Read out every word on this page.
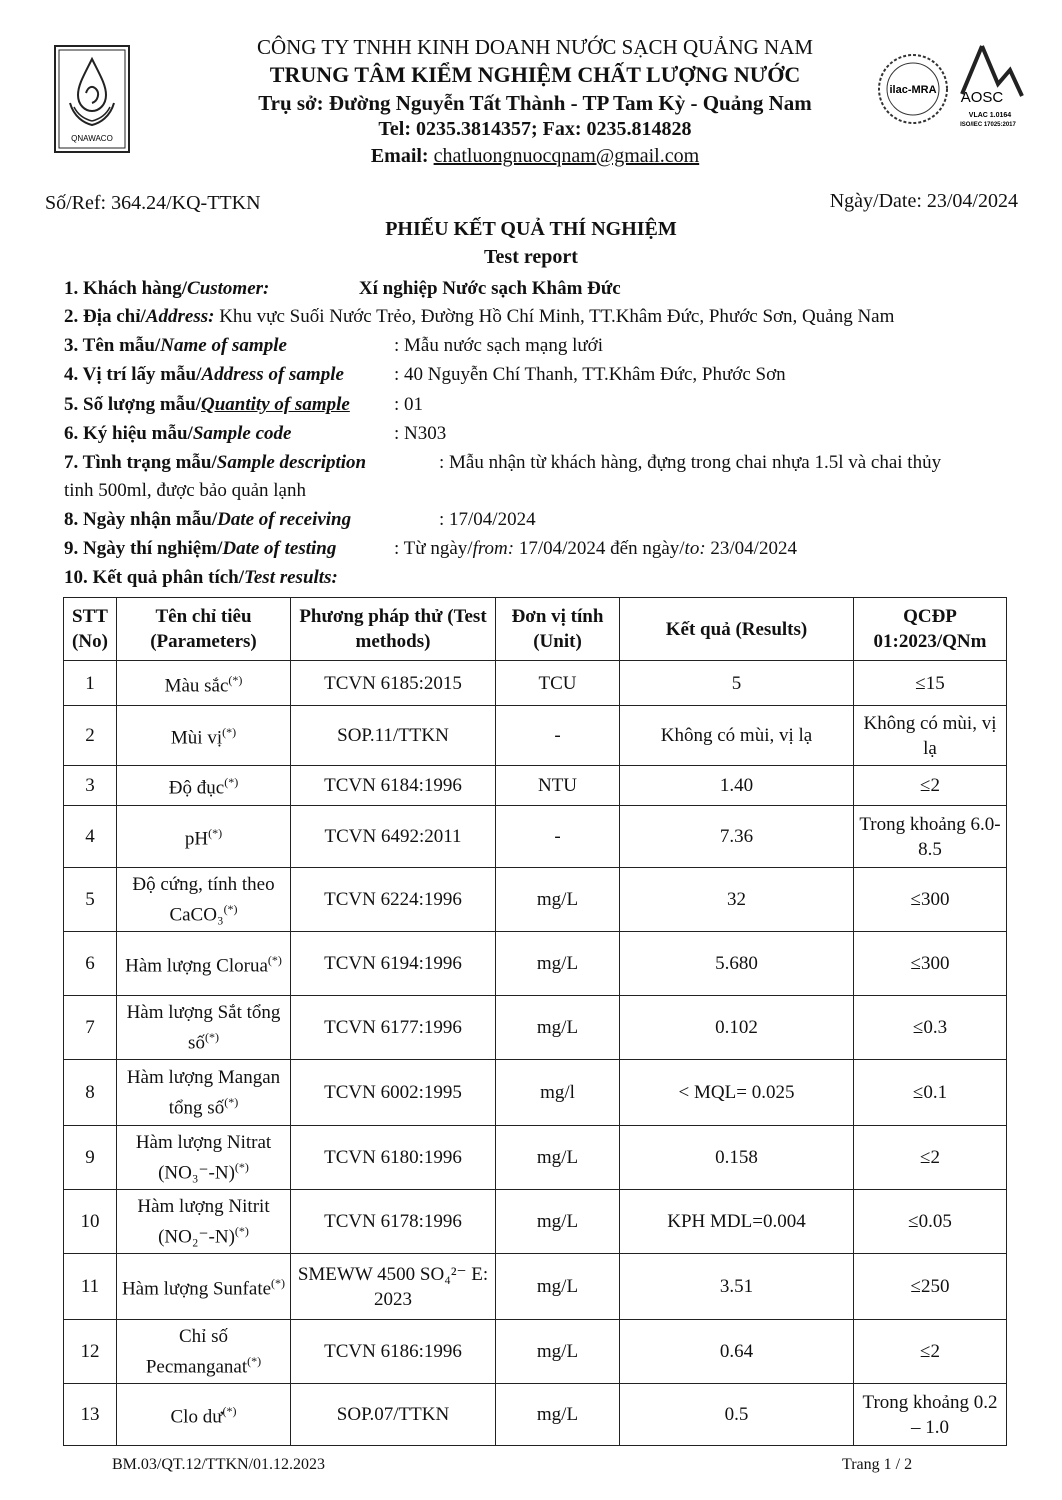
QNAWACO
CÔNG TY TNHH KINH DOANH NƯỚC SẠCH QUẢNG NAM
TRUNG TÂM KIỂM NGHIỆM CHẤT LƯỢNG NƯỚC
Trụ sở: Đường Nguyễn Tất Thành - TP Tam Kỳ - Quảng Nam
Tel: 0235.3814357; Fax: 0235.814828
Email: chatluongnuocqnam@gmail.com
ilac-MRA AOSC
VLAC 1.0164
ISO/IEC 17025:2017
Số/Ref: 364.24/KQ-TTKN	Ngày/Date: 23/04/2024
PHIẾU KẾT QUẢ THÍ NGHIỆM
Test report
1. Khách hàng/Customer:	Xí nghiệp Nước sạch Khâm Đức
2. Địa chỉ/Address: Khu vực Suối Nước Trẻo, Đường Hồ Chí Minh, TT.Khâm Đức, Phước Sơn, Quảng Nam
3. Tên mẫu/Name of sample	: Mẫu nước sạch mạng lưới
4. Vị trí lấy mẫu/Address of sample	: 40 Nguyễn Chí Thanh, TT.Khâm Đức, Phước Sơn
5. Số lượng mẫu/Quantity of sample : 01
6. Ký hiệu mẫu/Sample code	: N303
7. Tình trạng mẫu/Sample description	: Mẫu nhận từ khách hàng, đựng trong chai nhựa 1.5l và chai thủy
tinh 500ml, được bảo quản lạnh
8. Ngày nhận mẫu/Date of receiving	: 17/04/2024
9. Ngày thí nghiệm/Date of testing	: Từ ngày/from: 17/04/2024 đến ngày/to: 23/04/2024
10. Kết quả phân tích/Test results:
STT (No)	Tên chỉ tiêu (Parameters)	Phương pháp thử (Test methods)	Đơn vị tính (Unit)	Kết quả (Results)	QCĐP 01:2023/QNm
1	Màu sắc(*)	TCVN 6185:2015	TCU	5	≤15
2	Mùi vị(*)	SOP.11/TTKN	-	Không có mùi, vị lạ	Không có mùi, vị lạ
3	Độ đục(*)	TCVN 6184:1996	NTU	1.40	≤2
4	pH(*)	TCVN 6492:2011	-	7.36	Trong khoảng 6.0-8.5
5	Độ cứng, tính theo CaCO₃(*)	TCVN 6224:1996	mg/L	32	≤300
6	Hàm lượng Clorua(*)	TCVN 6194:1996	mg/L	5.680	≤300
7	Hàm lượng Sắt tổng số(*)	TCVN 6177:1996	mg/L	0.102	≤0.3
8	Hàm lượng Mangan tổng số(*)	TCVN 6002:1995	mg/l	< MQL= 0.025	≤0.1
9	Hàm lượng Nitrat (NO₃⁻-N)(*)	TCVN 6180:1996	mg/L	0.158	≤2
10	Hàm lượng Nitrit (NO₂⁻-N)(*)	TCVN 6178:1996	mg/L	KPH MDL=0.004	≤0.05
11	Hàm lượng Sunfate(*)	SMEWW 4500 SO₄²⁻ E: 2023	mg/L	3.51	≤250
12	Chỉ số Pecmanganat(*)	TCVN 6186:1996	mg/L	0.64	≤2
13	Clo dư(*)	SOP.07/TTKN	mg/L	0.5	Trong khoảng 0.2 – 1.0
BM.03/QT.12/TTKN/01.12.2023	Trang 1 / 2
